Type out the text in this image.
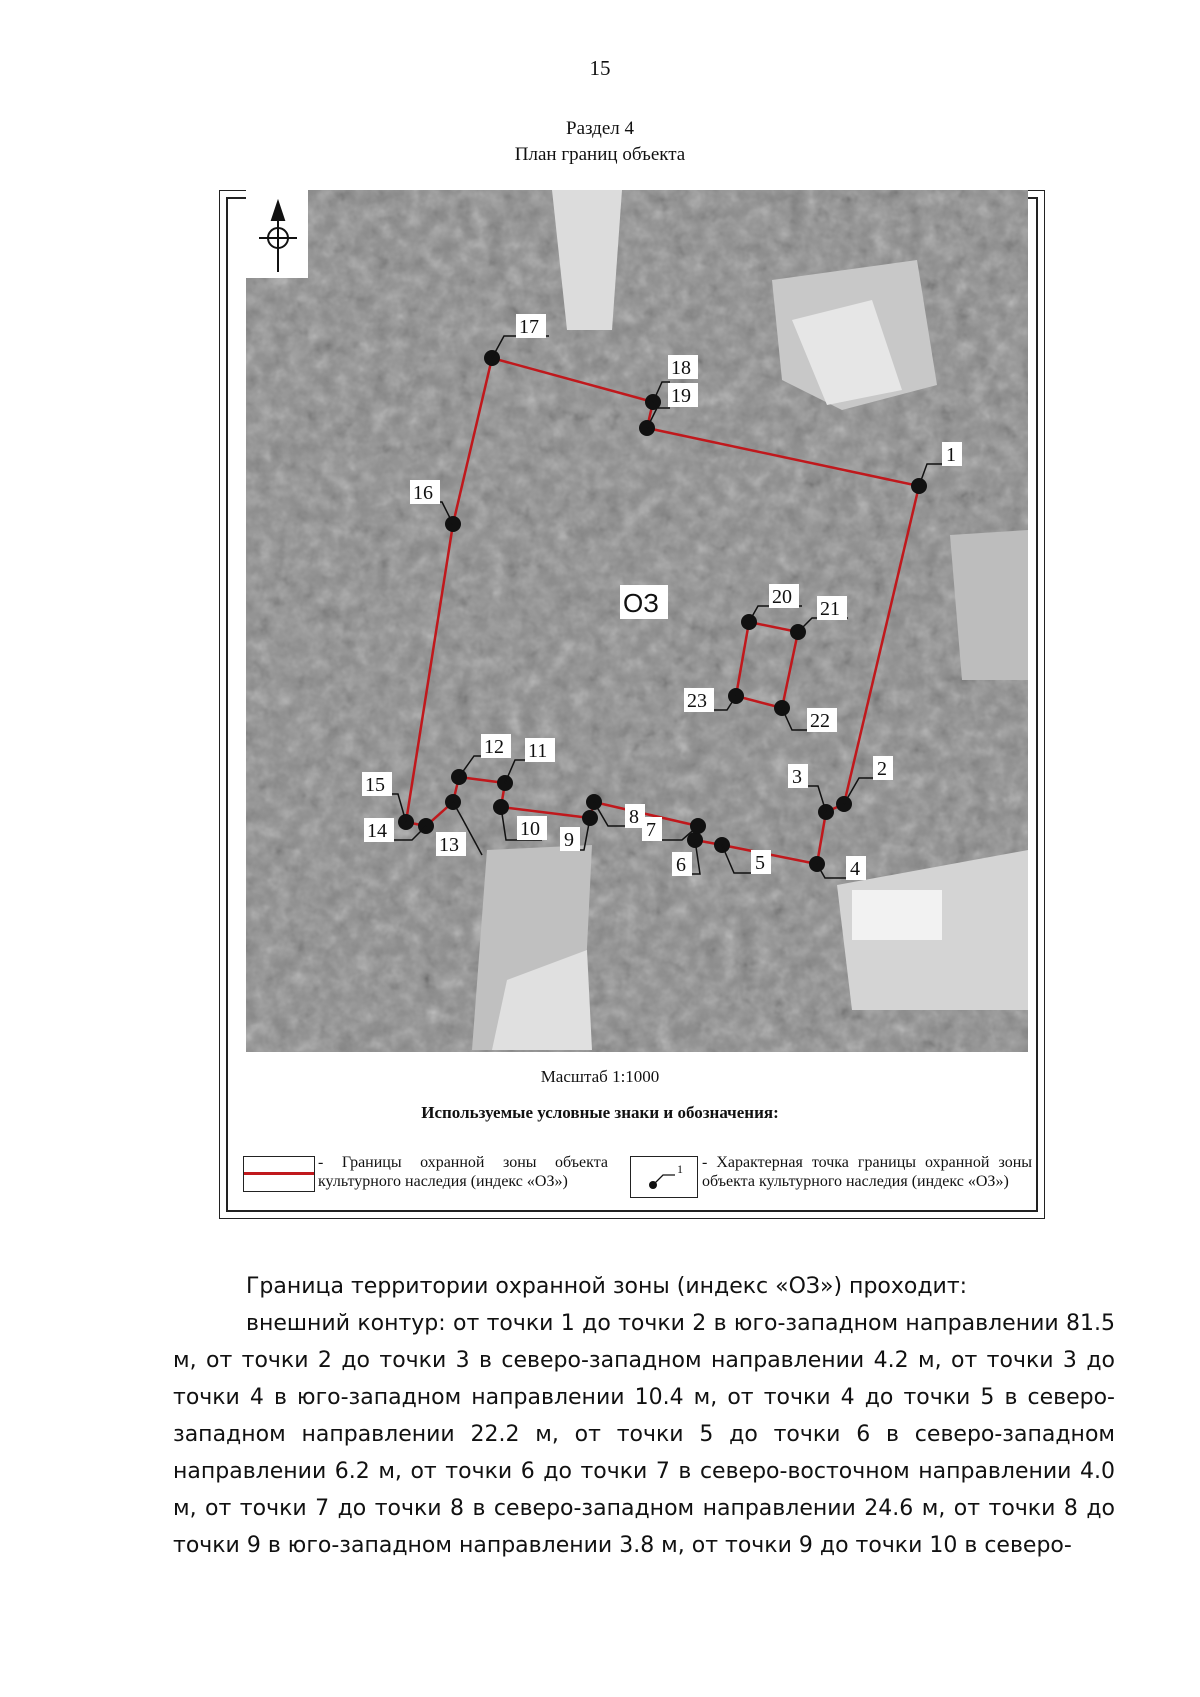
15
Раздел 4
План границ объекта
1
2
3
4
5
6
7
8
9
10
11
12
13
14
15
16
17
18
19
20
21
22
23
ОЗ
Масштаб 1:1000
Используемые условные знаки и обозначения:
- Границы охранной зоны объекта культурного наследия (индекс «ОЗ»)
1 - Характерная точка границы охранной зоны объекта культурного наследия (индекс «ОЗ»)

Граница территории охранной зоны (индекс «ОЗ») проходит:

внешний контур: от точки 1 до точки 2 в юго-западном направлении 81.5 м, от точки 2 до точки 3 в северо-западном направлении 4.2 м, от точки 3 до точки 4 в юго-западном направлении 10.4 м, от точки 4 до точки 5 в северо-западном направлении 22.2 м, от точки 5 до точки 6 в северо-западном направлении 6.2 м, от точки 6 до точки 7 в северо-восточном направлении 4.0 м, от точки 7 до точки 8 в северо-западном направлении 24.6 м, от точки 8 до точки 9 в юго-западном направлении 3.8 м, от точки 9 до точки 10 в северо-
